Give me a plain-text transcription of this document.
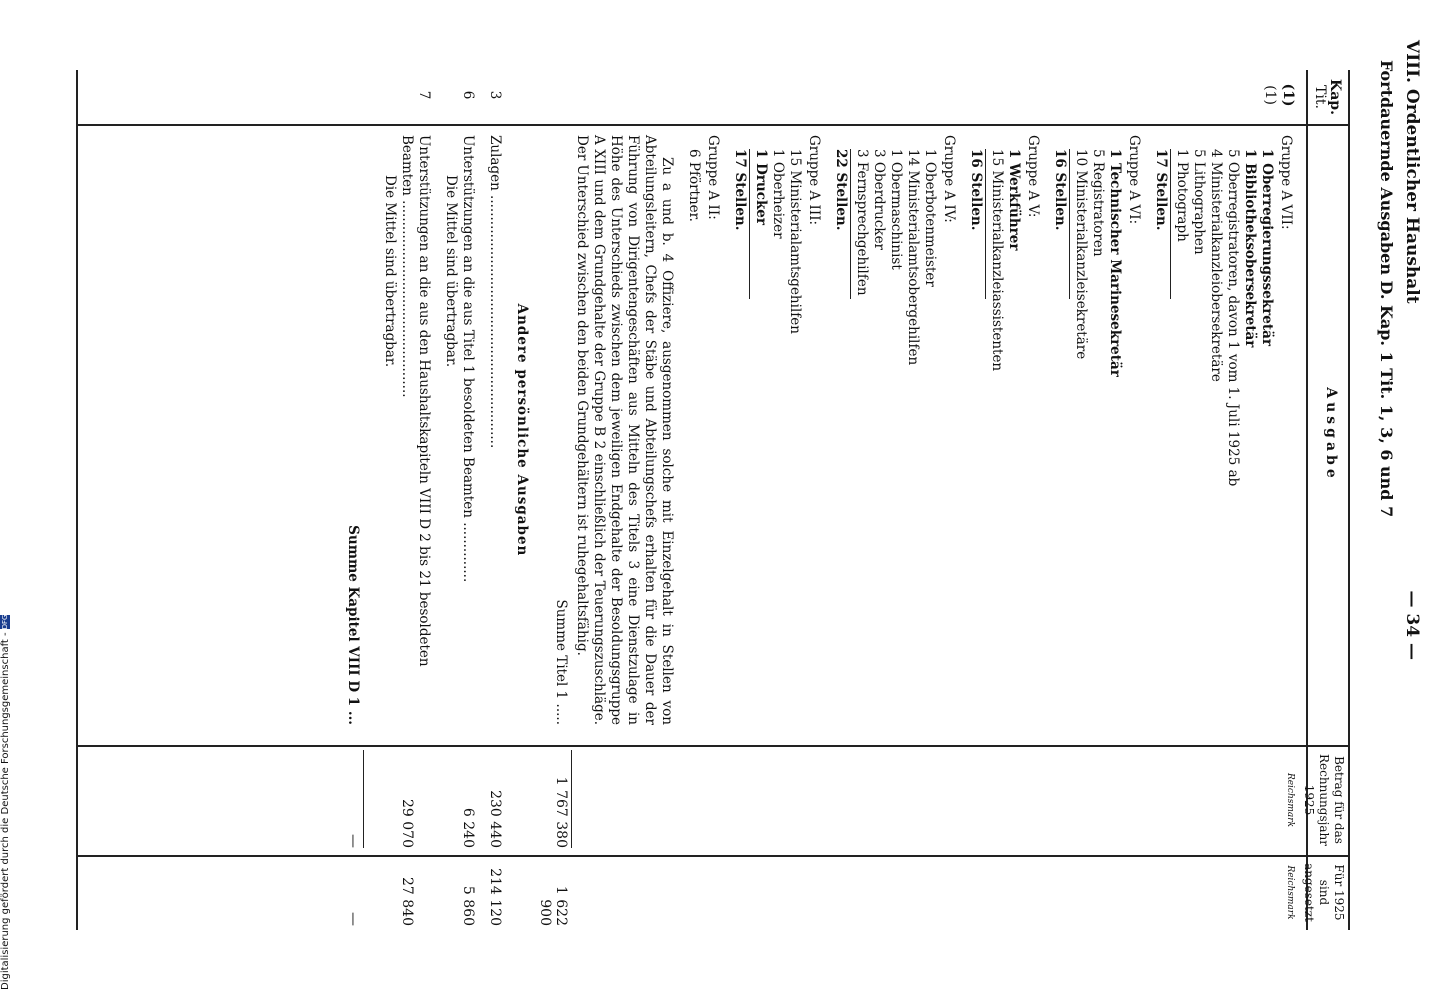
VIII. Ordentlicher Haushalt
— 34 —
Fortdauernde Ausgaben D. Kap. 1 Tit. 1, 3, 6 und 7
Kap.
Tit.
Ausgabe
Betrag für das Rechnungsjahr 1925
Reichsmark
Für 1925 sind angesetzt
Reichsmark
(1)
(1)
Gruppe A VII:
1 Oberregierungssekretär
1 Bibliotheksobersekretär
5 Oberregistratoren, davon 1 vom 1. Juli 1925 ab
4 Ministerialkanzleiobersekretäre
5 Lithographen
1 Photograph
17 Stellen.
Gruppe A VI:
1 Technischer Marinesekretär
5 Registratoren
10 Ministerialkanzleisekretäre
16 Stellen.
Gruppe A V:
1 Werkführer
15 Ministerialkanzleiassistenten
16 Stellen.
Gruppe A IV:
1 Oberbotenmeister
14 Ministerialamtsobergehilfen
1 Obermaschinist
3 Oberdrucker
3 Fernsprechgehilfen
22 Stellen.
Gruppe A III:
15 Ministerialamtsgehilfen
1 Oberheizer
1 Drucker
17 Stellen.
Gruppe A II:
6 Pförtner.
Zu a und b. 4 Offiziere, ausgenommen solche mit Einzelgehalt in Stellen von Abteilungsleitern, Chefs der Stäbe und Abteilungschefs erhalten für die Dauer der Führung von Dirigentengeschäften aus Mitteln des Titels 3 eine Dienstzulage in Höhe des Unterschieds zwischen dem jeweiligen Endgehalte der Besoldungsgruppe A XIII und dem Grundgehalte der Gruppe B 2 einschließlich der Teuerungszuschläge. Der Unterschied zwischen den beiden Grundgehältern ist ruhegehaltsfähig.
Summe Titel 1 .....
Andere persönliche Ausgaben
3
Zulagen ...........................................................
6
Unterstützungen an die aus Titel 1 besoldeten Beamten ..............
Die Mittel sind übertragbar.
7
Unterstützungen an die aus den Haushaltskapiteln VIII D 2 bis 21 besoldeten Beamten ..............................................
Die Mittel sind übertragbar.
Summe Kapitel VIII D 1 ...
1 767 380
1 622 900
230 440
214 120
6 240
5 860
29 070
27 840
—
—
Digitalisierung gefördert durch die Deutsche Forschungsgemeinschaft -DFG
